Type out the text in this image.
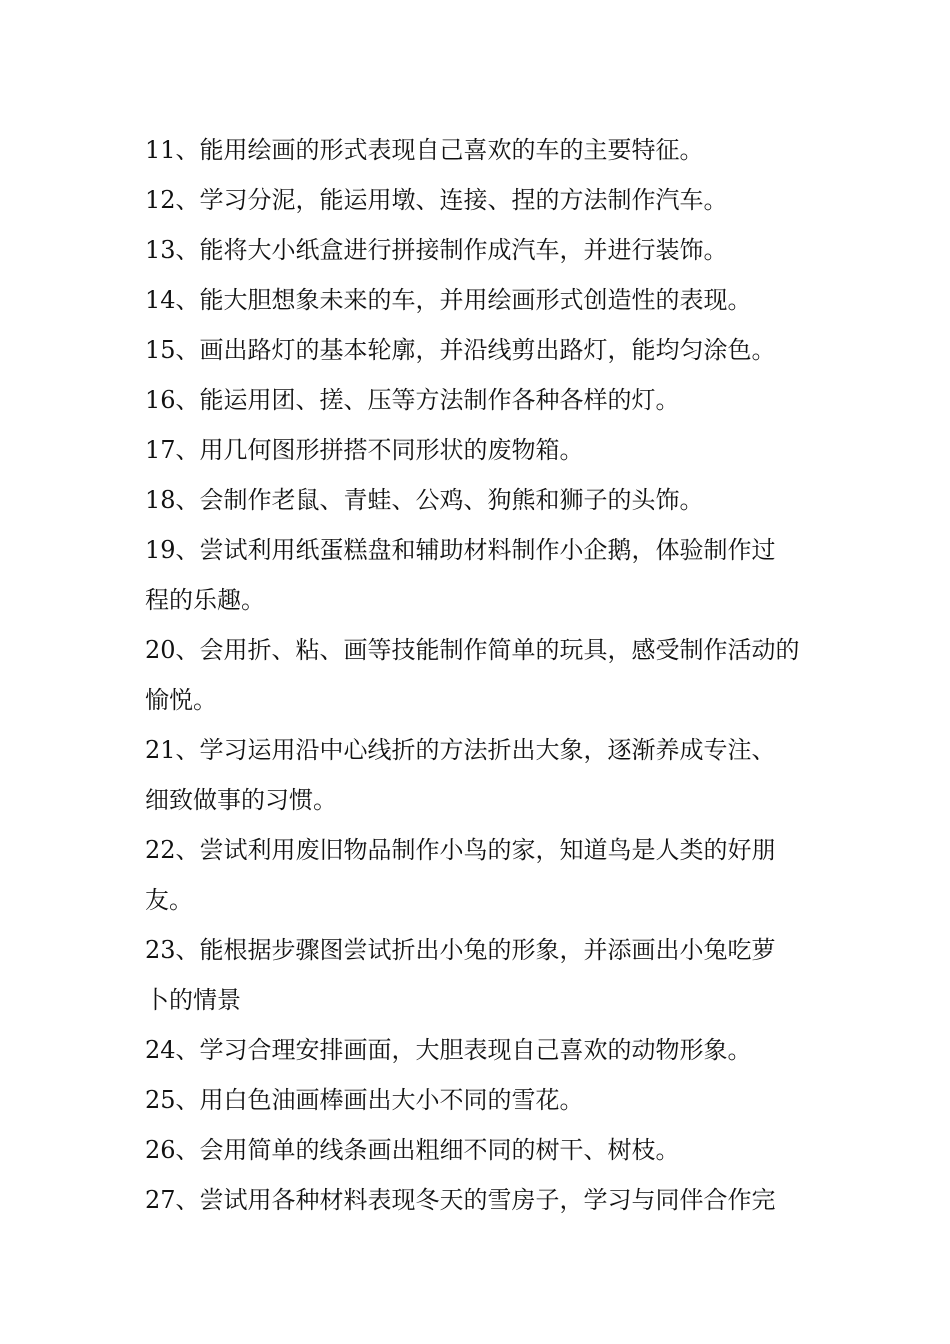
11、能用绘画的形式表现自己喜欢的车的主要特征。
12、学习分泥，能运用墩、连接、捏的方法制作汽车。
13、能将大小纸盒进行拼接制作成汽车，并进行装饰。
14、能大胆想象未来的车，并用绘画形式创造性的表现。
15、画出路灯的基本轮廓，并沿线剪出路灯，能均匀涂色。
16、能运用团、搓、压等方法制作各种各样的灯。
17、用几何图形拼搭不同形状的废物箱。
18、会制作老鼠、青蛙、公鸡、狗熊和狮子的头饰。
19、尝试利用纸蛋糕盘和辅助材料制作小企鹅，体验制作过
程的乐趣。
20、会用折、粘、画等技能制作简单的玩具，感受制作活动的
愉悦。
21、学习运用沿中心线折的方法折出大象，逐渐养成专注、
细致做事的习惯。
22、尝试利用废旧物品制作小鸟的家，知道鸟是人类的好朋
友。
23、能根据步骤图尝试折出小兔的形象，并添画出小兔吃萝
卜的情景
24、学习合理安排画面，大胆表现自己喜欢的动物形象。
25、用白色油画棒画出大小不同的雪花。
26、会用简单的线条画出粗细不同的树干、树枝。
27、尝试用各种材料表现冬天的雪房子，学习与同伴合作完
